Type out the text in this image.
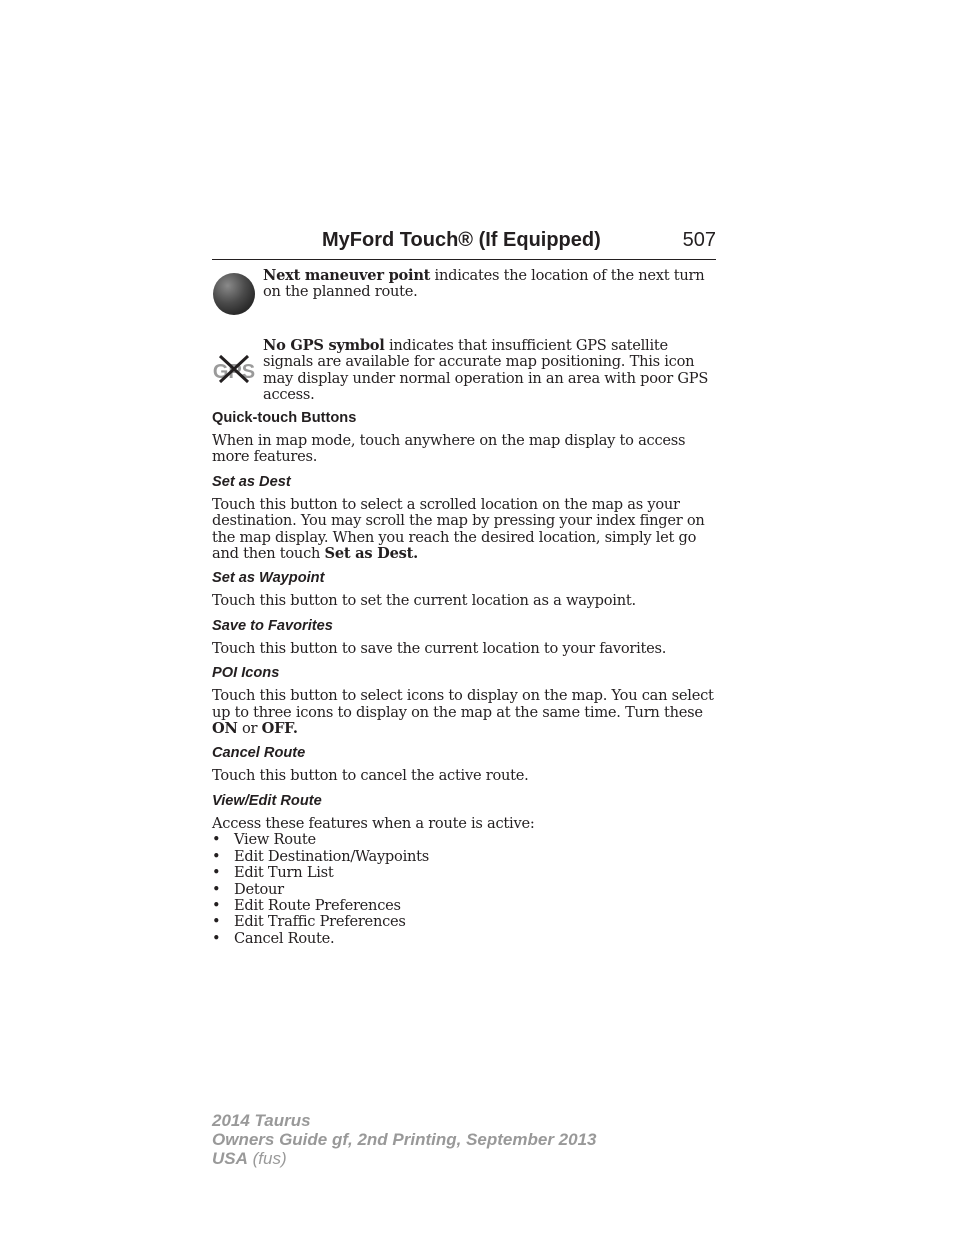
MyFord Touch® (If Equipped)	507
Next maneuver point indicates the location of the next turn on the planned route.
GPS
No GPS symbol indicates that insufficient GPS satellite signals are available for accurate map positioning. This icon may display under normal operation in an area with poor GPS access.
Quick-touch Buttons

When in map mode, touch anywhere on the map display to access more features.

Set as Dest

Touch this button to select a scrolled location on the map as your destination. You may scroll the map by pressing your index finger on the map display. When you reach the desired location, simply let go and then touch Set as Dest.

Set as Waypoint

Touch this button to set the current location as a waypoint.

Save to Favorites

Touch this button to save the current location to your favorites.

POI Icons

Touch this button to select icons to display on the map. You can select up to three icons to display on the map at the same time. Turn these ON or OFF.

Cancel Route

Touch this button to cancel the active route.

View/Edit Route

Access these features when a route is active:

• View Route
• Edit Destination/Waypoints
• Edit Turn List
• Detour
• Edit Route Preferences
• Edit Traffic Preferences
• Cancel Route.
2014 Taurus
Owners Guide gf, 2nd Printing, September 2013
USA (fus)
